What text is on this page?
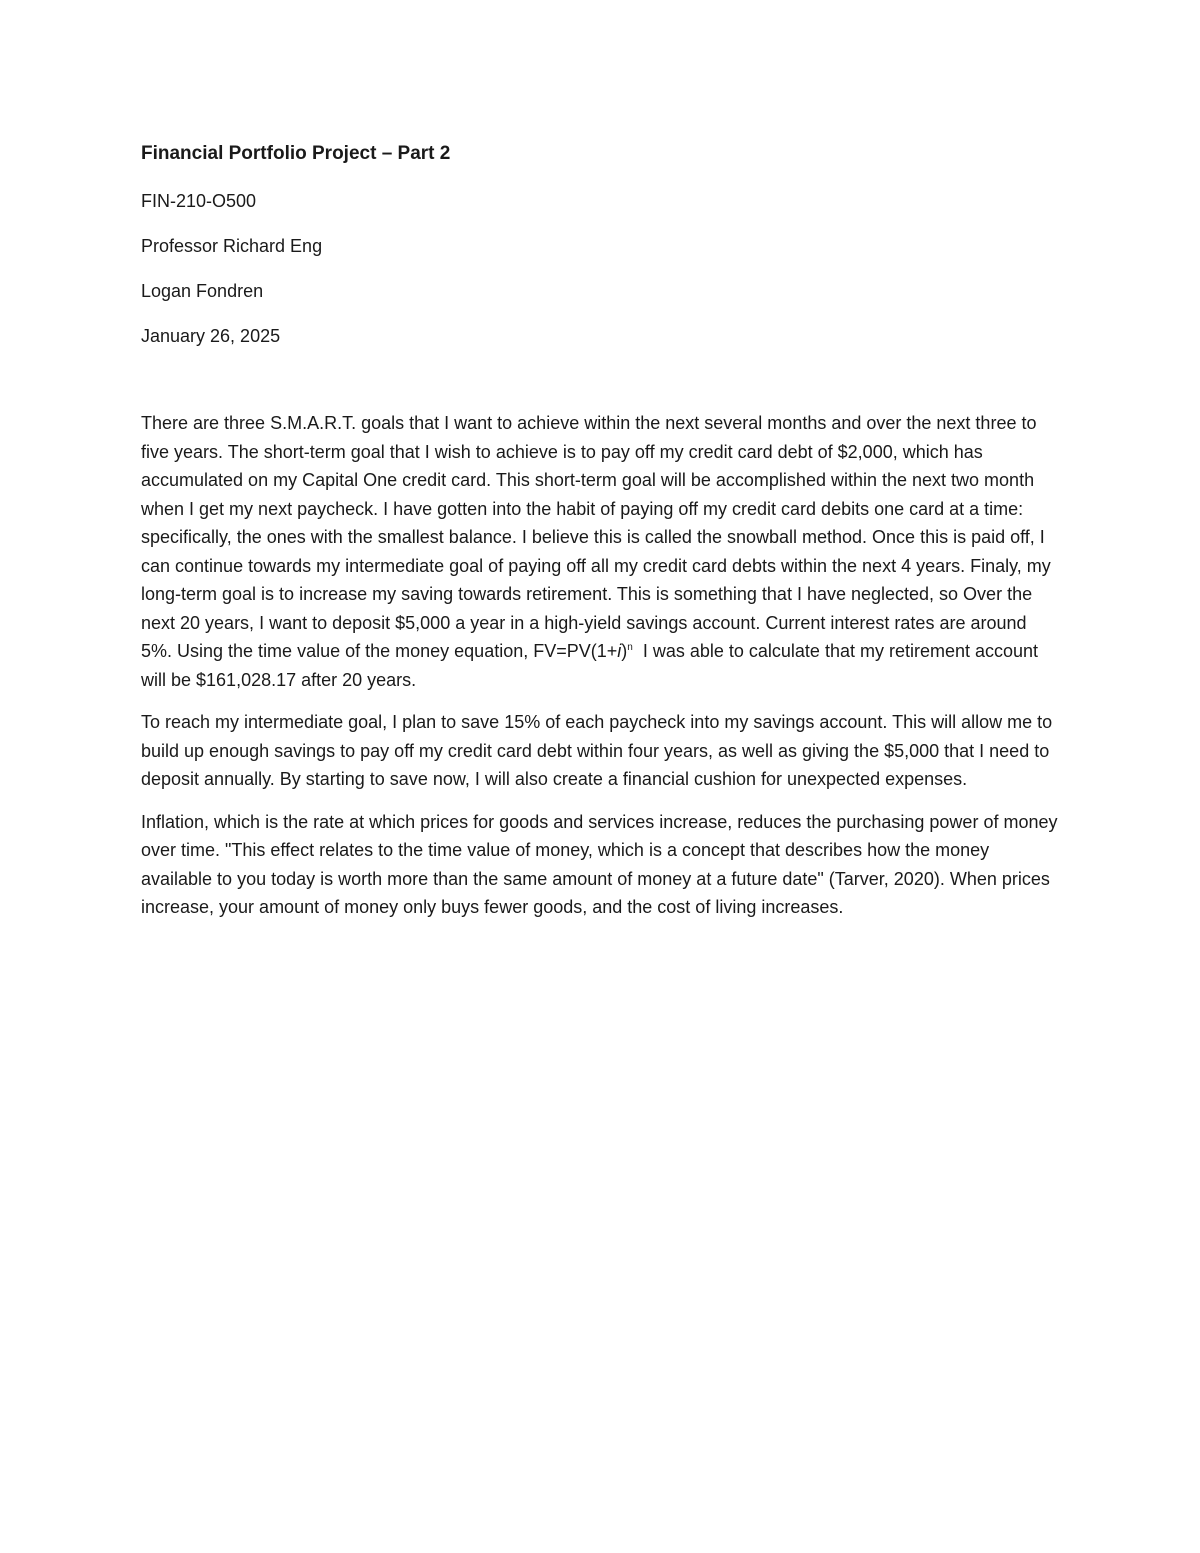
Financial Portfolio Project – Part 2
FIN-210-O500
Professor Richard Eng
Logan Fondren
January 26, 2025

There are three S.M.A.R.T. goals that I want to achieve within the next several months and over the next three to five years. The short-term goal that I wish to achieve is to pay off my credit card debt of $2,000, which has accumulated on my Capital One credit card. This short-term goal will be accomplished within the next two month when I get my next paycheck. I have gotten into the habit of paying off my credit card debits one card at a time: specifically, the ones with the smallest balance. I believe this is called the snowball method. Once this is paid off, I can continue towards my intermediate goal of paying off all my credit card debts within the next 4 years. Finaly, my long-term goal is to increase my saving towards retirement. This is something that I have neglected, so Over the next 20 years, I want to deposit $5,000 a year in a high-yield savings account. Current interest rates are around 5%. Using the time value of the money equation, $FV=PV(1+i)^n$  I was able to calculate that my retirement account will be $161,028.17 after 20 years.

To reach my intermediate goal, I plan to save 15% of each paycheck into my savings account. This will allow me to build up enough savings to pay off my credit card debt within four years, as well as giving the $5,000 that I need to deposit annually. By starting to save now, I will also create a financial cushion for unexpected expenses.

Inflation, which is the rate at which prices for goods and services increase, reduces the purchasing power of money over time. "This effect relates to the time value of money, which is a concept that describes how the money available to you today is worth more than the same amount of money at a future date" (Tarver, 2020). When prices increase, your amount of money only buys fewer goods, and the cost of living increases.
